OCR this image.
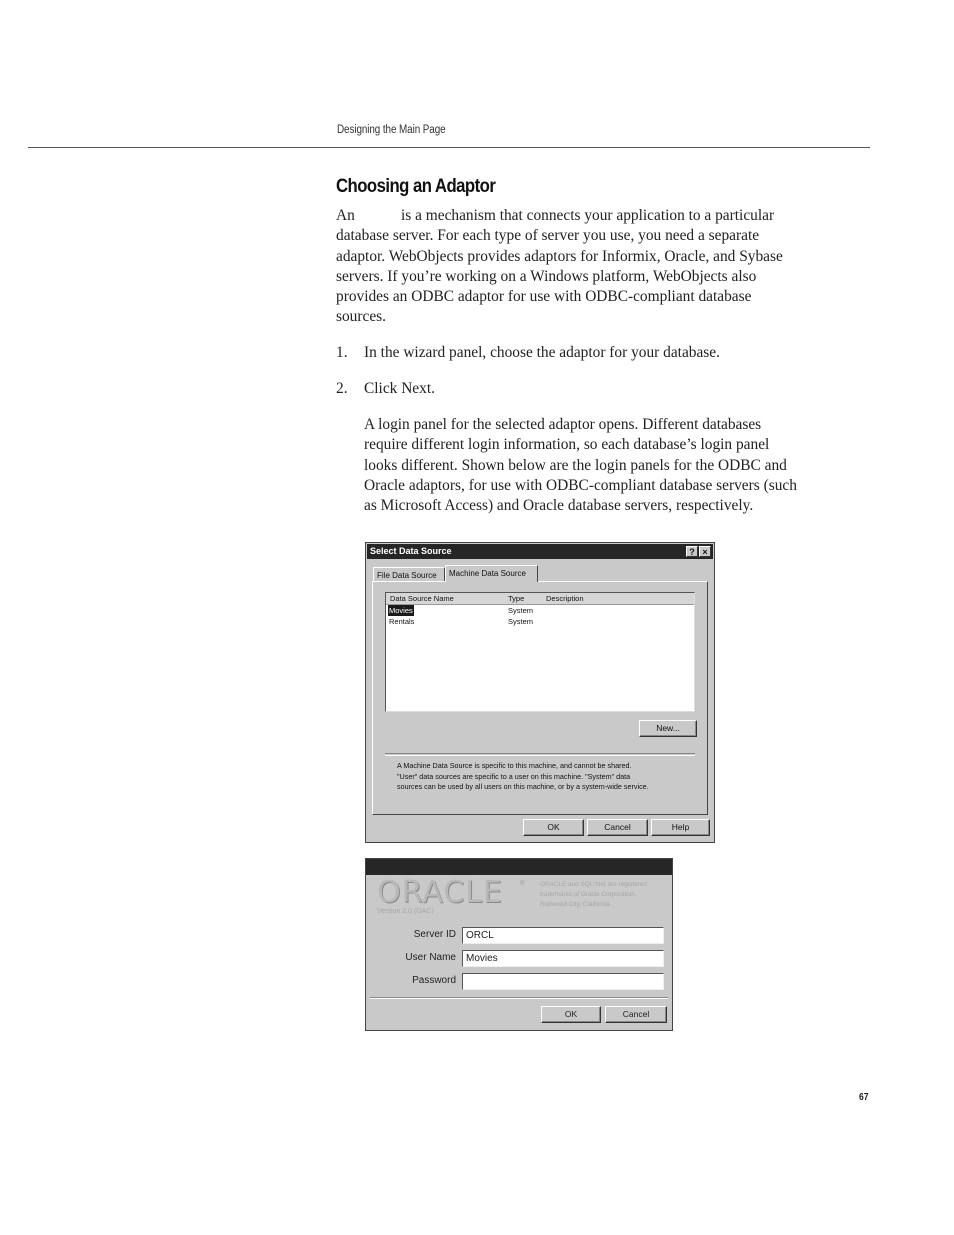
Designing the Main Page
Choosing an Adaptor
An            is a mechanism that connects your application to a particular
database server. For each type of server you use, you need a separate
adaptor. WebObjects provides adaptors for Informix, Oracle, and Sybase
servers. If you’re working on a Windows platform, WebObjects also
provides an ODBC adaptor for use with ODBC-compliant database
sources.
1.	In the wizard panel, choose the adaptor for your database.
2.	Click Next.
A login panel for the selected adaptor opens. Different databases
require different login information, so each database’s login panel
looks different. Shown below are the login panels for the ODBC and
Oracle adaptors, for use with ODBC-compliant database servers (such
as Microsoft Access) and Oracle database servers, respectively.
Select Data Source	? ×
File Data Source	Machine Data Source
Data Source Name	Type	Description
Movies	System
Rentals	System
New...
A Machine Data Source is specific to this machine, and cannot be shared.
"User" data sources are specific to a user on this machine. "System" data
sources can be used by all users on this machine, or by a system-wide service.
OK	Cancel	Help
ORACLE	®
Version 2.0 (OAC)
ORACLE and SQL*Net are registered
trademarks of Oracle Corporation,
Redwood City, California
Server ID	ORCL
User Name	Movies
Password
OK	Cancel
67
